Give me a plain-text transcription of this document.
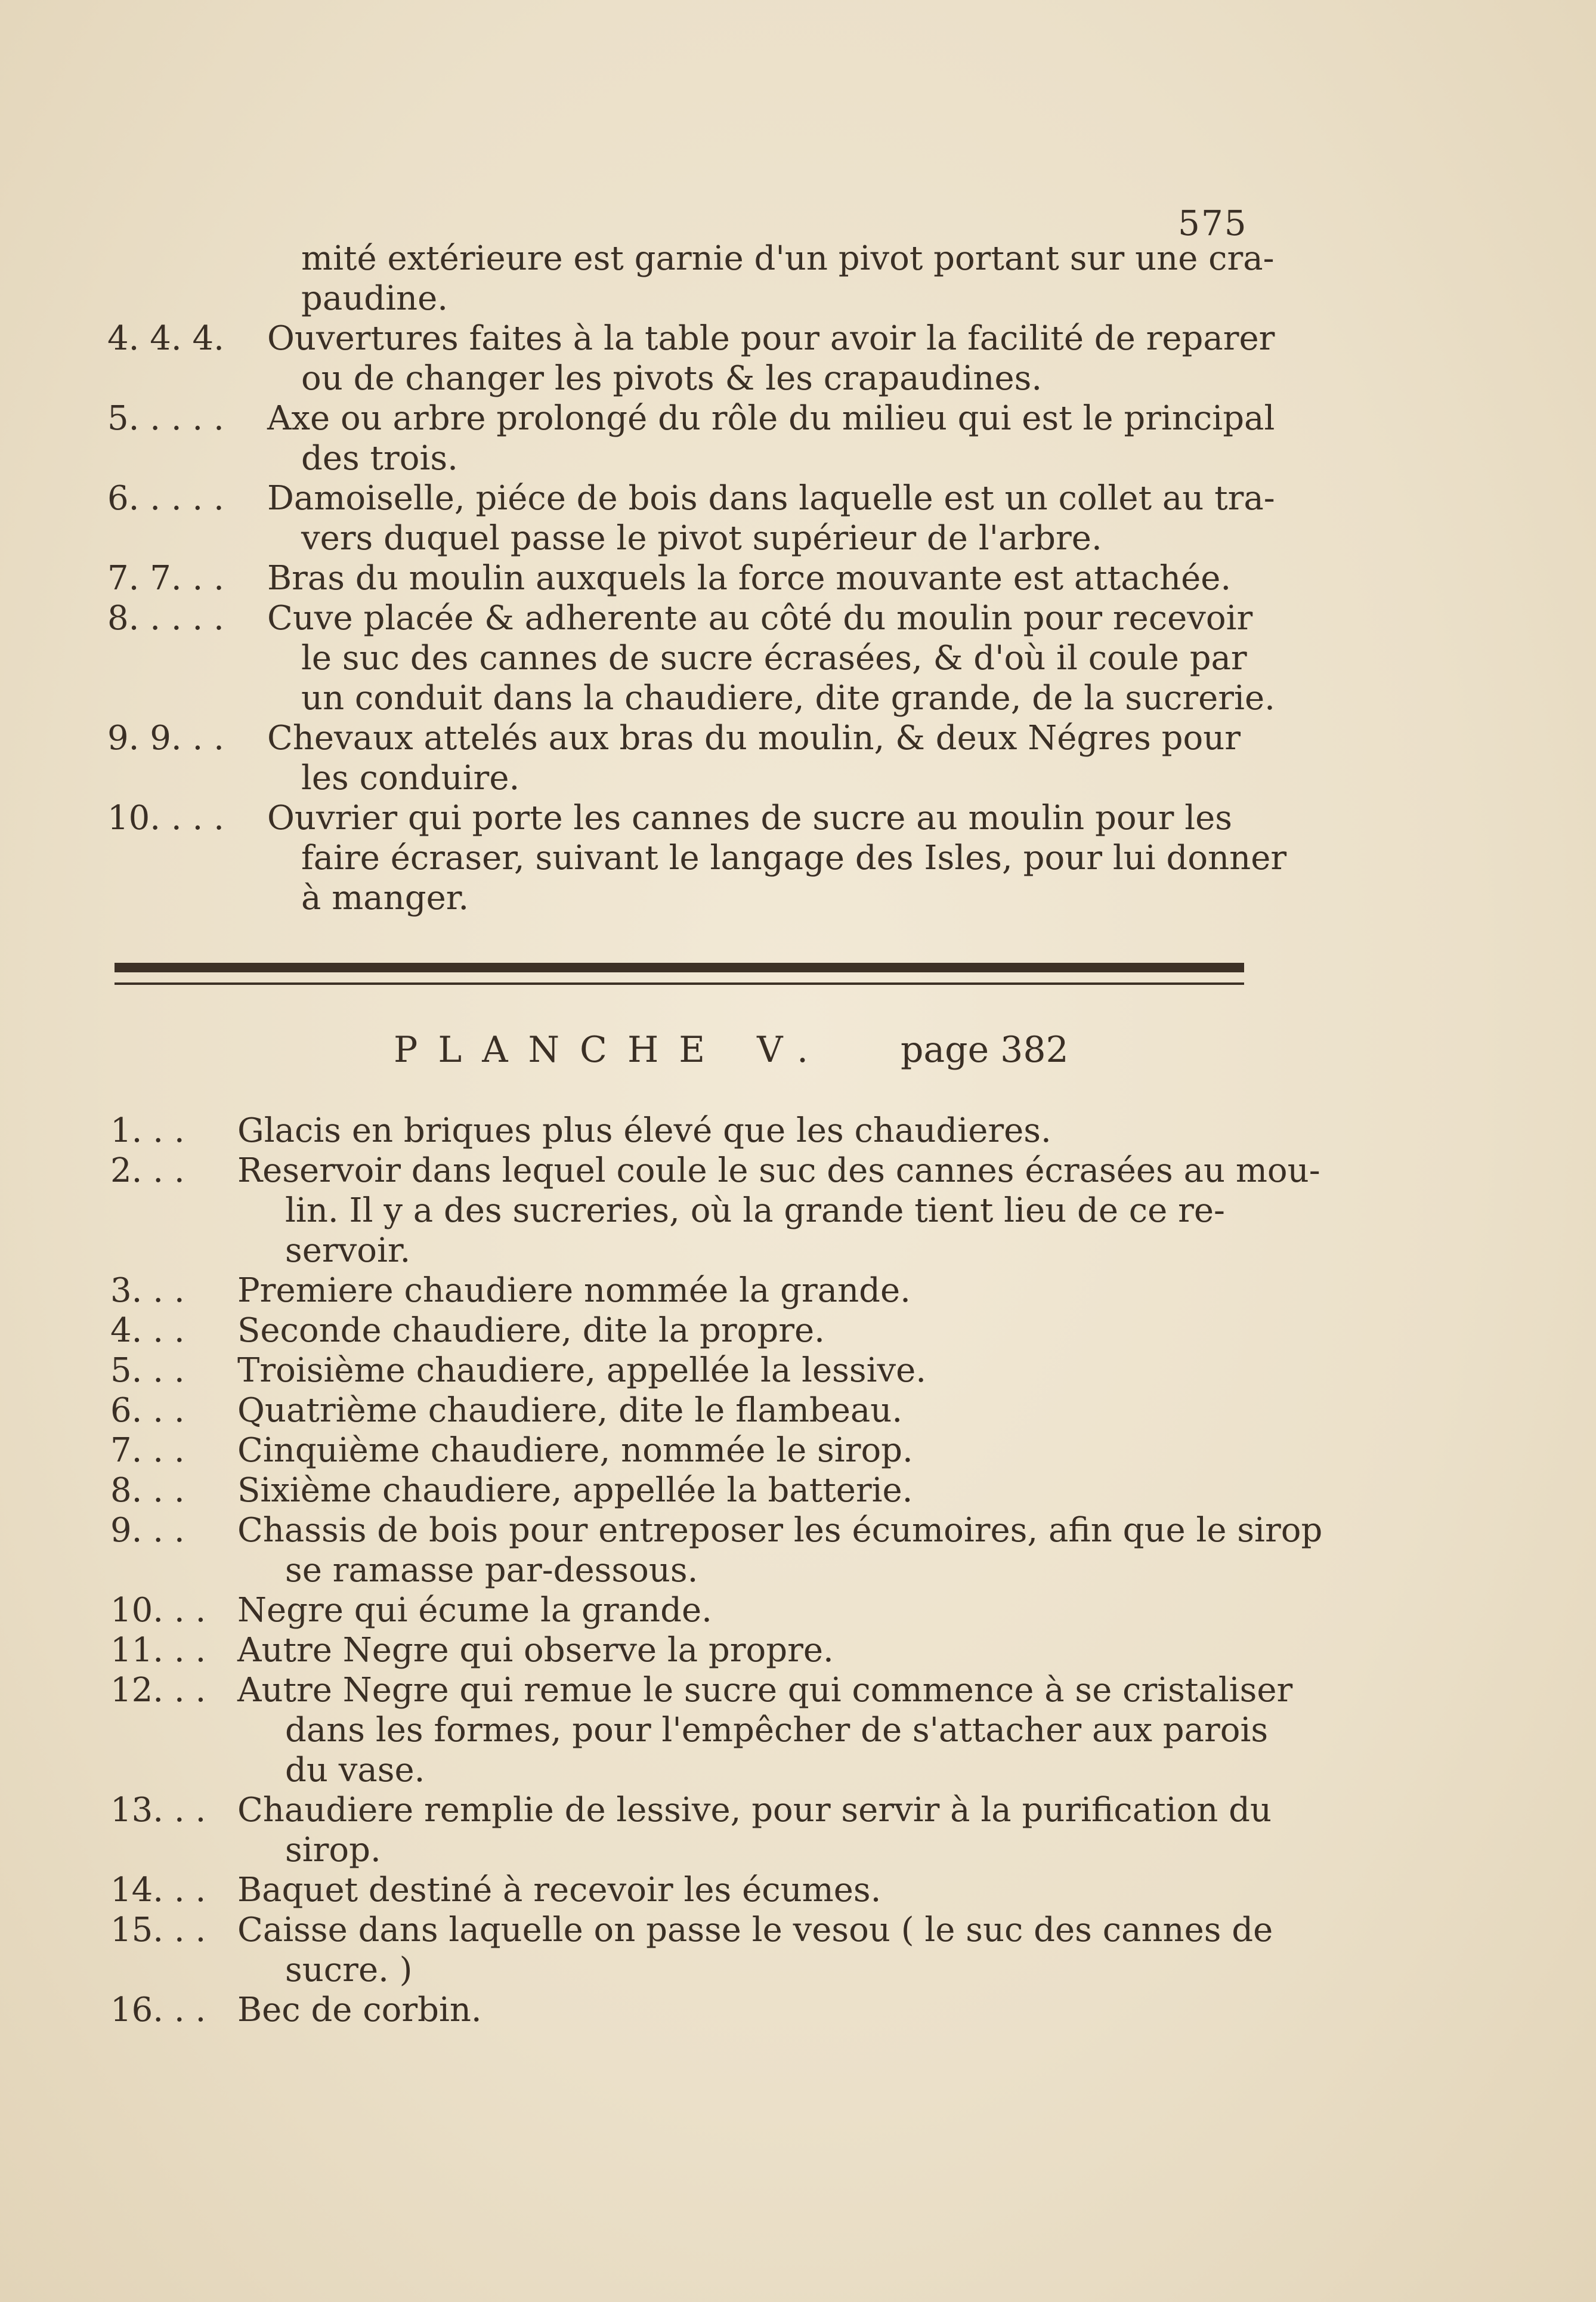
575
mité extérieure est garnie d'un pivot portant sur une cra-
paudine.
4. 4. 4. Ouvertures faites à la table pour avoir la facilité de reparer
ou de changer les pivots & les crapaudines.
5. . . . . Axe ou arbre prolongé du rôle du milieu qui est le principal
des trois.
6. . . . . Damoiselle, piéce de bois dans laquelle est un collet au tra-
vers duquel passe le pivot supérieur de l'arbre.
7. 7. . . Bras du moulin auxquels la force mouvante est attachée.
8. . . . . Cuve placée & adherente au côté du moulin pour recevoir
le suc des cannes de sucre écrasées, & d'où il coule par
un conduit dans la chaudiere, dite grande, de la sucrerie.
9. 9. . . Chevaux attelés aux bras du moulin, & deux Négres pour
les conduire.
10. . . . Ouvrier qui porte les cannes de sucre au moulin pour les
faire écraser, suivant le langage des Isles, pour lui donner
à manger.
PLANCHE V. page 382
1. . . Glacis en briques plus élevé que les chaudieres.
2. . . Reservoir dans lequel coule le suc des cannes écrasées au mou-
lin. Il y a des sucreries, où la grande tient lieu de ce re-
servoir.
3. . . Premiere chaudiere nommée la grande.
4. . . Seconde chaudiere, dite la propre.
5. . . Troisième chaudiere, appellée la lessive.
6. . . Quatrième chaudiere, dite le flambeau.
7. . . Cinquième chaudiere, nommée le sirop.
8. . . Sixième chaudiere, appellée la batterie.
9. . . Chassis de bois pour entreposer les écumoires, afin que le sirop
se ramasse par-dessous.
10. . . Negre qui écume la grande.
11. . . Autre Negre qui observe la propre.
12. . . Autre Negre qui remue le sucre qui commence à se cristaliser
dans les formes, pour l'empêcher de s'attacher aux parois
du vase.
13. . . Chaudiere remplie de lessive, pour servir à la purification du
sirop.
14. . . Baquet destiné à recevoir les écumes.
15. . . Caisse dans laquelle on passe le vesou ( le suc des cannes de
sucre. )
16. . . Bec de corbin.
